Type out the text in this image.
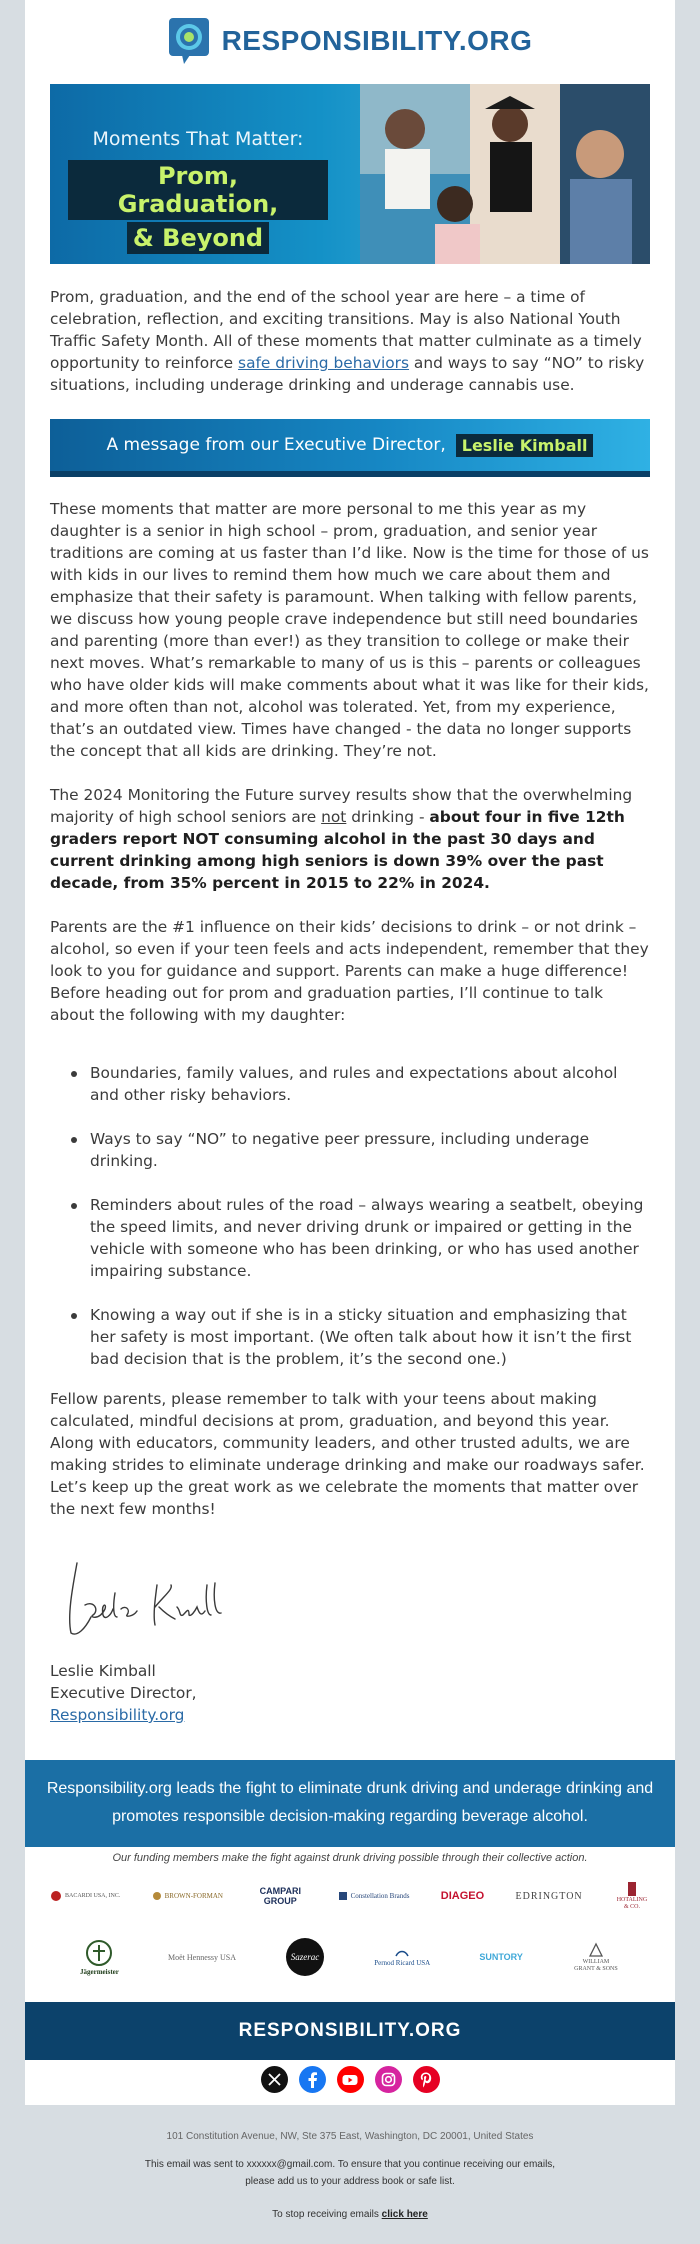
RESPONSIBILITY.ORG
Moments That Matter:
Prom, Graduation,
& Beyond
Prom, graduation, and the end of the school year are here – a time of celebration, reflection, and exciting transitions. May is also National Youth Traffic Safety Month. All of these moments that matter culminate as a timely opportunity to reinforce safe driving behaviors and ways to say “NO” to risky situations, including underage drinking and underage cannabis use.
A message from our Executive Director,	Leslie Kimball
These moments that matter are more personal to me this year as my daughter is a senior in high school – prom, graduation, and senior year traditions are coming at us faster than I’d like. Now is the time for those of us with kids in our lives to remind them how much we care about them and emphasize that their safety is paramount. When talking with fellow parents, we discuss how young people crave independence but still need boundaries and parenting (more than ever!) as they transition to college or make their next moves. What’s remarkable to many of us is this – parents or colleagues who have older kids will make comments about what it was like for their kids, and more often than not, alcohol was tolerated. Yet, from my experience, that’s an outdated view. Times have changed - the data no longer supports the concept that all kids are drinking. They’re not.
The 2024 Monitoring the Future survey results show that the overwhelming majority of high school seniors are not drinking - about four in five 12th graders report NOT consuming alcohol in the past 30 days and current drinking among high seniors is down 39% over the past decade, from 35% percent in 2015 to 22% in 2024.
Parents are the #1 influence on their kids’ decisions to drink – or not drink – alcohol, so even if your teen feels and acts independent, remember that they look to you for guidance and support. Parents can make a huge difference! Before heading out for prom and graduation parties, I’ll continue to talk about the following with my daughter:
Boundaries, family values, and rules and expectations about alcohol and other risky behaviors.
Ways to say “NO” to negative peer pressure, including underage drinking.
Reminders about rules of the road – always wearing a seatbelt, obeying the speed limits, and never driving drunk or impaired or getting in the vehicle with someone who has been drinking, or who has used another impairing substance.
Knowing a way out if she is in a sticky situation and emphasizing that her safety is most important. (We often talk about how it isn’t the first bad decision that is the problem, it’s the second one.)
Fellow parents, please remember to talk with your teens about making calculated, mindful decisions at prom, graduation, and beyond this year. Along with educators, community leaders, and other trusted adults, we are making strides to eliminate underage drinking and make our roadways safer. Let’s keep up the great work as we celebrate the moments that matter over the next few months!
Leslie Kimball
Executive Director,
Responsibility.org
Responsibility.org leads the fight to eliminate drunk driving and underage drinking and promotes responsible decision-making regarding beverage alcohol.
Our funding members make the fight against drunk driving possible through their collective action.
BACARDI USA, INC.	BROWN-FORMAN	CAMPARI GROUP	Constellation Brands	DIAGEO	EDRINGTON	HOTALING & CO.
Jägermeister
Moët Hennessy USA	Sazerac
Pernod Ricard USA
SUNTORY	WILLIAM GRANT & SONS
RESPONSIBILITY.ORG
101 Constitution Avenue, NW, Ste 375 East, Washington, DC 20001, United States
This email was sent to xxxxxx@gmail.com. To ensure that you continue receiving our emails,
please add us to your address book or safe list.
To stop receiving emails click here
